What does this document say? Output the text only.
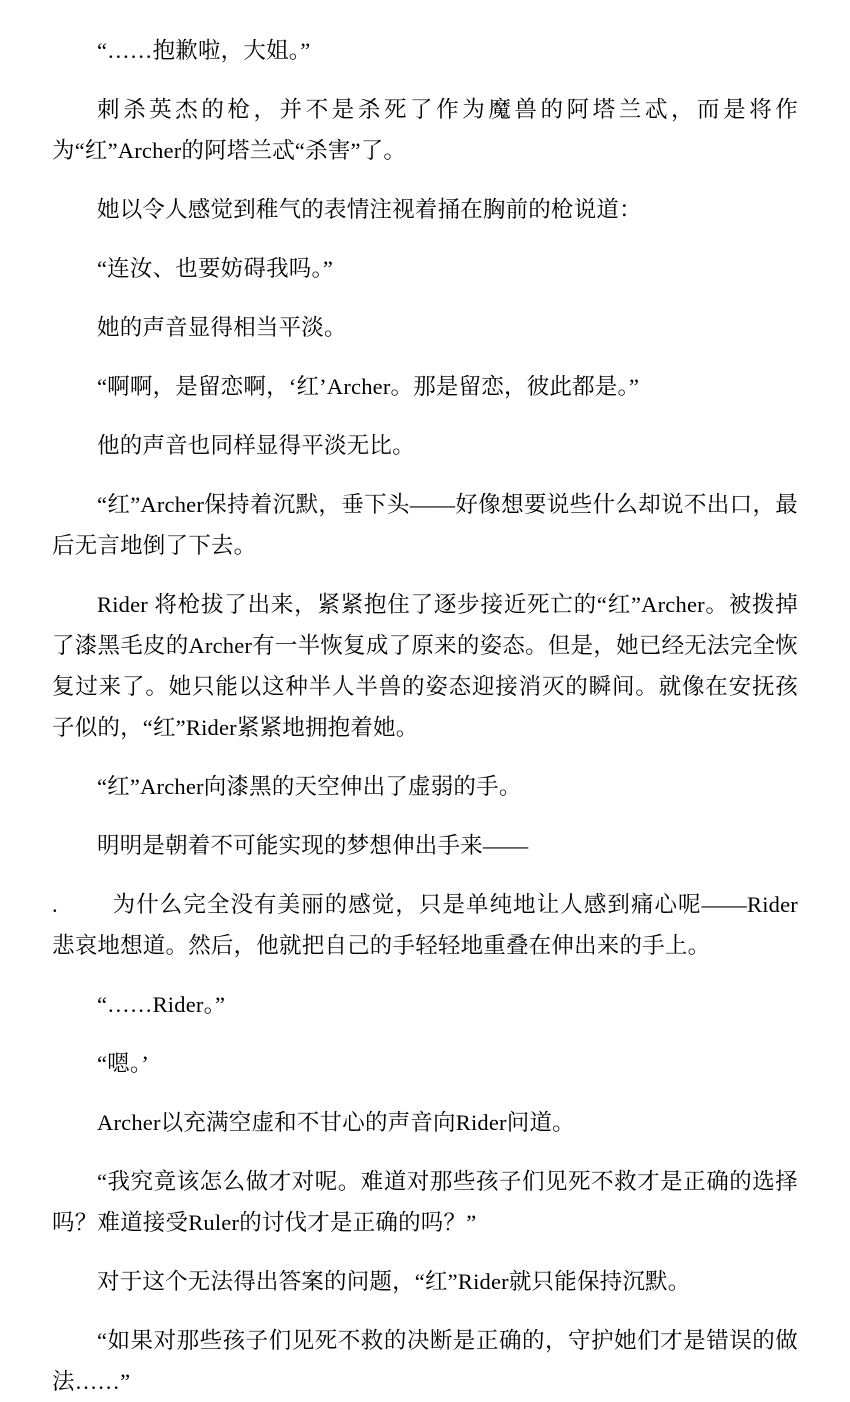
“……抱歉啦，大姐。”

刺杀英杰的枪，并不是杀死了作为魔兽的阿塔兰忒，而是将作为“红”Archer的阿塔兰忒“杀害”了。

她以令人感觉到稚气的表情注视着捅在胸前的枪说道：

“连汝、也要妨碍我吗。”

她的声音显得相当平淡。

“啊啊，是留恋啊，‘红’Archer。那是留恋，彼此都是。”

他的声音也同样显得平淡无比。

“红”Archer保持着沉默，垂下头——好像想要说些什么却说不出口，最后无言地倒了下去。

Rider 将枪拔了出来，紧紧抱住了逐步接近死亡的“红”Archer。被拨掉了漆黑毛皮的Archer有一半恢复成了原来的姿态。但是，她已经无法完全恢复过来了。她只能以这种半人半兽的姿态迎接消灭的瞬间。就像在安抚孩子似的，“红”Rider紧紧地拥抱着她。

“红”Archer向漆黑的天空伸出了虚弱的手。

明明是朝着不可能实现的梦想伸出手来——

. 为什么完全没有美丽的感觉，只是单纯地让人感到痛心呢——Rider悲哀地想道。然后，他就把自己的手轻轻地重叠在伸出来的手上。

“……Rider。”

“嗯。’

Archer以充满空虚和不甘心的声音向Rider问道。

“我究竟该怎么做才对呢。难道对那些孩子们见死不救才是正确的选择吗？难道接受Ruler的讨伐才是正确的吗？”

对于这个无法得出答案的问题，“红”Rider就只能保持沉默。

“如果对那些孩子们见死不救的决断是正确的，守护她们才是错误的做法……”
